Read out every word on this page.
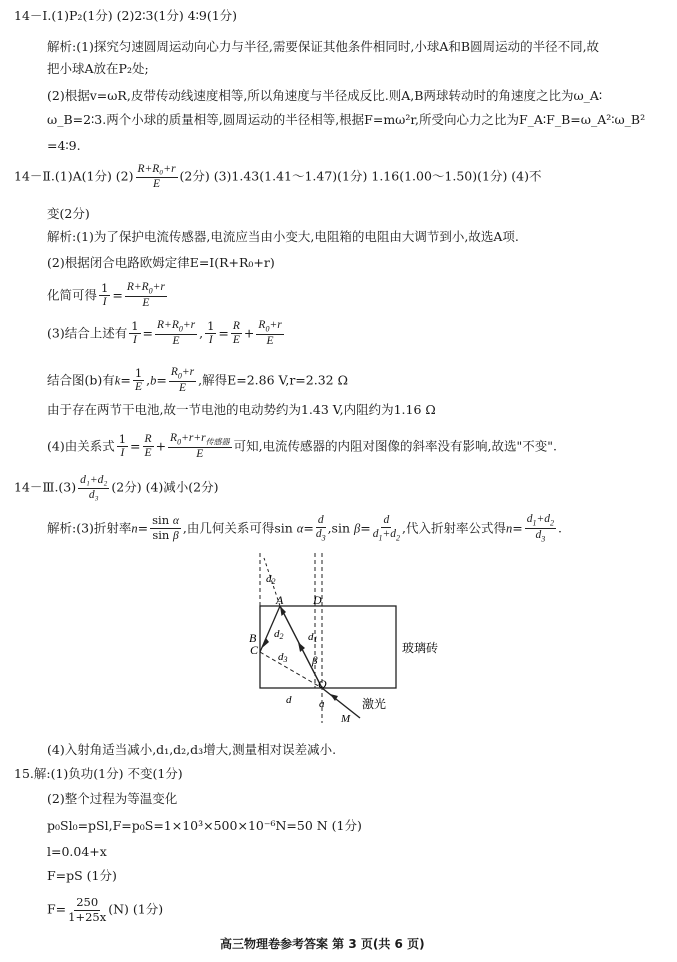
14－Ⅰ.(1)P₂(1分) (2)2∶3(1分) 4∶9(1分)
解析:(1)探究匀速圆周运动向心力与半径,需要保证其他条件相同时,小球A和B圆周运动的半径不同,故
把小球A放在P₂处;
(2)根据v=ωR,皮带传动线速度相等,所以角速度与半径成反比.则A,B两球转动时的角速度之比为ω_A∶
ω_B=2∶3.两个小球的质量相等,圆周运动的半径相等,根据F=mω²r,所受向心力之比为F_A∶F_B=ω_A²∶ω_B²
=4∶9.
14－Ⅱ.(1)A(1分) $(2) \frac{\text{R+R₀+r}}{E} (2$分) (3)1.43(1.41～1.47)(1分) 1.16(1.00～1.50)(1分) (4)不
变(2分)
解析:(1)为了保护电流传感器,电流应当由小变大,电阻箱的电阻由大调节到小,故选A项.
(2)根据闭合电路欧姆定律E=I(R+R₀+r)
化简可得 $\frac{1}{I} = \frac{R+R_0+r}{E}$
(3)结合上述有 $\frac{1}{I} = \frac{R+R_0+r}{E}$ , $\frac{1}{I} = \frac{R}{E} + \frac{R_0+r}{E}$
结合图(b)有$k= \frac{1}{E} ,b= \frac{R_0+r}{E}$ ,解得E=2.86 V,r=2.32 Ω
由于存在两节干电池,故一节电池的电动势约为1.43 V,内阻约为1.16 Ω
(4)由关系式 $\frac{1}{I} = \frac{R}{E}$ +
$R_0+r+r_{传感器}$
E
可知,电流传感器的内阻对图像的斜率没有影响,故选"不变".
14－Ⅲ.(3) $\frac{\text{d₁+d₂}}{\text{d₃}} (2$分) (4)减小(2分)
解析:(3)折射率$n= \frac{\text{sin α}}{\text{sin β}}$ ,由几何关系可得$\sin \alpha= \frac{d}{d_3} ,\sin$ $\beta= \frac{d}{d_1+d_2}$ ,代入折射率公式得$n= \frac{d_1+d_2}{d_3}$ .
d2
A D
B d2 d1
C d3 β
O
d	a
M
玻璃砖
激光
(4)入射角适当减小,d₁,d₂,d₃增大,测量相对误差减小.
15.解:(1)负功(1分) 不变(1分)
(2)整个过程为等温变化
p₀Sl₀=pSl,F=p₀S=1×10³×500×10⁻⁶N=50 N (1分)
l=0.04+x
F=pS (1分)
$F= \frac{250}{1+25x} (N)$ (1分)
高三物理卷参考答案 第 3 页(共 6 页)
